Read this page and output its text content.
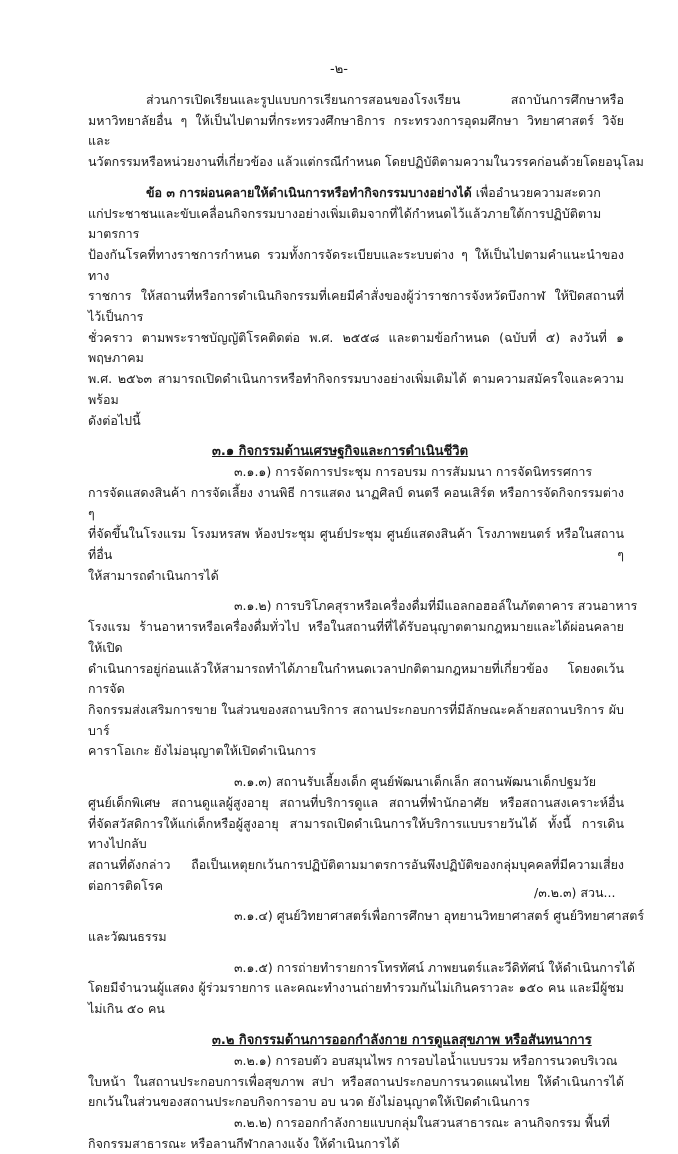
-๒-
ส่วนการเปิดเรียนและรูปแบบการเรียนการสอนของโรงเรียน สถาบันการศึกษาหรือ
มหาวิทยาลัยอื่น ๆ ให้เป็นไปตามที่กระทรวงศึกษาธิการ กระทรวงการอุดมศึกษา วิทยาศาสตร์ วิจัย และ
นวัตกรรมหรือหน่วยงานที่เกี่ยวข้อง แล้วแต่กรณีกำหนด โดยปฏิบัติตามความในวรรคก่อนด้วยโดยอนุโลม
ข้อ ๓ การผ่อนคลายให้ดำเนินการหรือทำกิจกรรมบางอย่างได้ เพื่ออำนวยความสะดวก
แก่ประชาชนและขับเคลื่อนกิจกรรมบางอย่างเพิ่มเติมจากที่ได้กำหนดไว้แล้วภายใต้การปฏิบัติตามมาตรการ
ป้องกันโรคที่ทางราชการกำหนด รวมทั้งการจัดระเบียบและระบบต่าง ๆ ให้เป็นไปตามคำแนะนำของทาง
ราชการ ให้สถานที่หรือการดำเนินกิจกรรมที่เคยมีคำสั่งของผู้ว่าราชการจังหวัดบึงกาฬ ให้ปิดสถานที่ไว้เป็นการ
ชั่วคราว ตามพระราชบัญญัติโรคติดต่อ พ.ศ. ๒๕๕๘ และตามข้อกำหนด (ฉบับที่ ๕) ลงวันที่ ๑ พฤษภาคม
พ.ศ. ๒๕๖๓ สามารถเปิดดำเนินการหรือทำกิจกรรมบางอย่างเพิ่มเติมได้ ตามความสมัครใจและความพร้อม
ดังต่อไปนี้
๓.๑ กิจกรรมด้านเศรษฐกิจและการดำเนินชีวิต
๓.๑.๑) การจัดการประชุม การอบรม การสัมมนา การจัดนิทรรศการ
การจัดแสดงสินค้า การจัดเลี้ยง งานพิธี การแสดง นาฏศิลป์ ดนตรี คอนเสิร์ต หรือการจัดกิจกรรมต่าง ๆ
ที่จัดขึ้นในโรงแรม โรงมหรสพ ห้องประชุม ศูนย์ประชุม ศูนย์แสดงสินค้า โรงภาพยนตร์ หรือในสถานที่อื่น ๆ
ให้สามารถดำเนินการได้
๓.๑.๒) การบริโภคสุราหรือเครื่องดื่มที่มีแอลกอฮอล์ในภัตตาคาร สวนอาหาร
โรงแรม ร้านอาหารหรือเครื่องดื่มทั่วไป หรือในสถานที่ที่ได้รับอนุญาตตามกฎหมายและได้ผ่อนคลายให้เปิด
ดำเนินการอยู่ก่อนแล้วให้สามารถทำได้ภายในกำหนดเวลาปกติตามกฎหมายที่เกี่ยวข้อง โดยงดเว้นการจัด
กิจกรรมส่งเสริมการขาย ในส่วนของสถานบริการ สถานประกอบการที่มีลักษณะคล้ายสถานบริการ ผับ บาร์
คาราโอเกะ ยังไม่อนุญาตให้เปิดดำเนินการ
๓.๑.๓) สถานรับเลี้ยงเด็ก ศูนย์พัฒนาเด็กเล็ก สถานพัฒนาเด็กปฐมวัย
ศูนย์เด็กพิเศษ สถานดูแลผู้สูงอายุ สถานที่บริการดูแล สถานที่พำนักอาศัย หรือสถานสงเคราะห์อื่น
ที่จัดสวัสดิการให้แก่เด็กหรือผู้สูงอายุ สามารถเปิดดำเนินการให้บริการแบบรายวันได้ ทั้งนี้ การเดินทางไปกลับ
สถานที่ดังกล่าว ถือเป็นเหตุยกเว้นการปฏิบัติตามมาตรการอันพึงปฏิบัติของกลุ่มบุคคลที่มีความเสี่ยง
ต่อการติดโรค
๓.๑.๔) ศูนย์วิทยาศาสตร์เพื่อการศึกษา อุทยานวิทยาศาสตร์ ศูนย์วิทยาศาสตร์
และวัฒนธรรม
๓.๑.๕) การถ่ายทำรายการโทรทัศน์ ภาพยนตร์และวีดิทัศน์ ให้ดำเนินการได้
โดยมีจำนวนผู้แสดง ผู้ร่วมรายการ และคณะทำงานถ่ายทำรวมกันไม่เกินคราวละ ๑๕๐ คน และมีผู้ชม
ไม่เกิน ๕๐ คน
๓.๒ กิจกรรมด้านการออกกำลังกาย การดูแลสุขภาพ หรือสันทนาการ
๓.๒.๑) การอบตัว อบสมุนไพร การอบไอน้ำแบบรวม หรือการนวดบริเวณ
ใบหน้า ในสถานประกอบการเพื่อสุขภาพ สปา หรือสถานประกอบการนวดแผนไทย ให้ดำเนินการได้
ยกเว้นในส่วนของสถานประกอบกิจการอาบ อบ นวด ยังไม่อนุญาตให้เปิดดำเนินการ
๓.๒.๒) การออกกำลังกายแบบกลุ่มในสวนสาธารณะ ลานกิจกรรม พื้นที่
กิจกรรมสาธารณะ หรือลานกีฬากลางแจ้ง ให้ดำเนินการได้
/๓.๒.๓) สวน...
